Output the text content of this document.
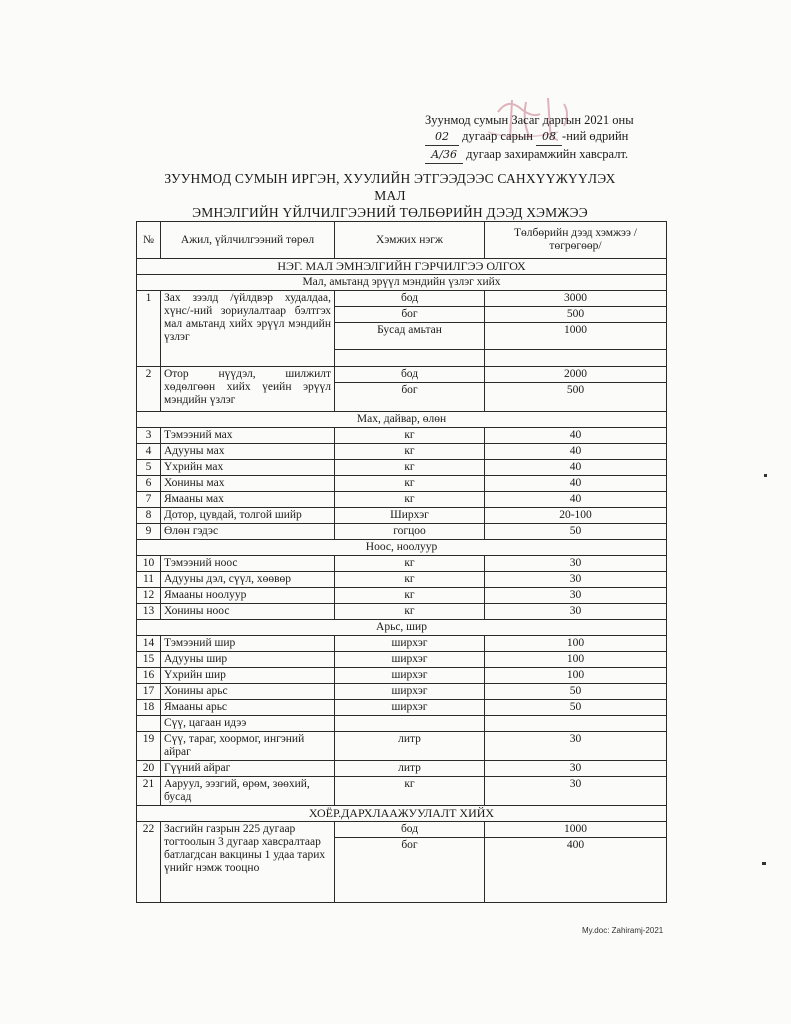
Зуунмод сумын Засаг даргын 2021 оны
02 дугаар сарын 08 -ний өдрийн
А/36 дугаар захирамжийн хавсралт.
ЗУУНМОД СУМЫН ИРГЭН, ХУУЛИЙН ЭТГЭЭДЭЭС САНХҮҮЖҮҮЛЭХ МАЛ
ЭМНЭЛГИЙН ҮЙЛЧИЛГЭЭНИЙ ТӨЛБӨРИЙН ДЭЭД ХЭМЖЭЭ
№	Ажил, үйлчилгээний төрөл	Хэмжих нэгж	Төлбөрийн дээд хэмжээ /төгрөгөөр/
НЭГ. МАЛ ЭМНЭЛГИЙН ГЭРЧИЛГЭЭ ОЛГОХ			
Мал, амьтанд эрүүл мэндийн үзлэг хийх			
1	Зах зээлд /үйлдвэр худалдаа, хүнс/-ний зориулалтаар бэлтгэх мал амьтанд хийх эрүүл мэндийн үзлэг	бод	3000
		бог	500
		Бусад амьтан	1000

2	Отор нүүдэл, шилжилт хөдөлгөөн хийх үеийн эрүүл мэндийн үзлэг	бод	2000
		бог	500
Мах, дайвар, өлөн			
3	Тэмээний мах	кг	40
4	Адууны мах	кг	40
5	Үхрийн мах	кг	40
6	Хонины мах	кг	40
7	Ямааны мах	кг	40
8	Дотор, цувдай, толгой шийр	Ширхэг	20-100
9	Өлөн гэдэс	гогцоо	50
Ноос, ноолуур			
10	Тэмээний ноос	кг	30
11	Адууны дэл, сүүл, хөөвөр	кг	30
12	Ямааны ноолуур	кг	30
13	Хонины ноос	кг	30
Арьс, шир			
14	Тэмээний шир	ширхэг	100
15	Адууны шир	ширхэг	100
16	Үхрийн шир	ширхэг	100
17	Хонины арьс	ширхэг	50
18	Ямааны арьс	ширхэг	50
	Сүү, цагаан идээ		
19	Сүү, тараг, хоормог, ингэний айраг	литр	30
20	Гүүний айраг	литр	30
21	Ааруул, ээзгий, өрөм, зөөхий, бусад	кг	30
ХОЁР.ДАРХЛААЖУУЛАЛТ ХИЙХ			
22	Засгийн газрын 225 дугаар тогтоолын 3 дугаар хавсралтаар батлагдсан вакцины 1 удаа тарих үнийг нэмж тооцно	бод	1000
		бог	400
My.doc: Zahiramj-2021
